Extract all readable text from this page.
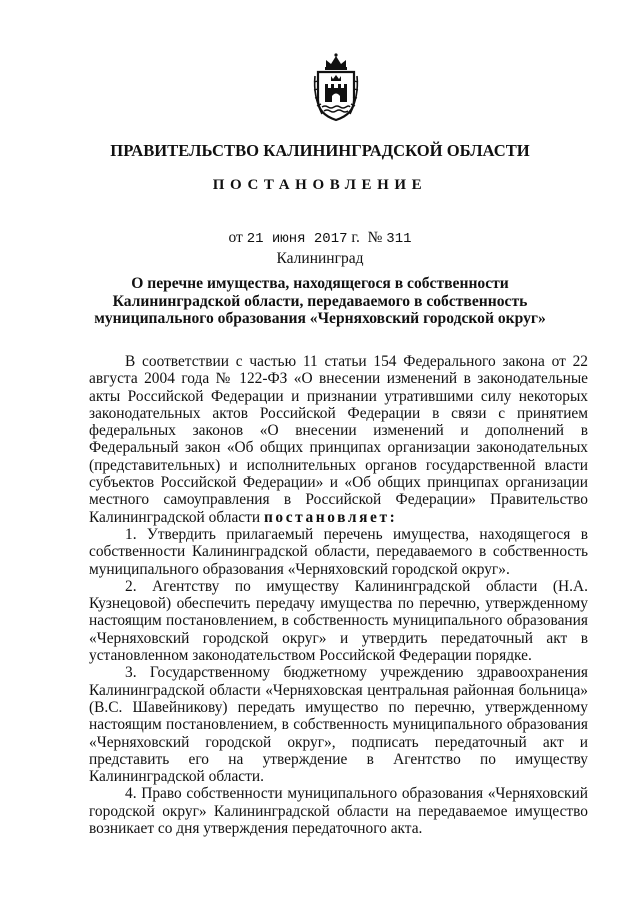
ПРАВИТЕЛЬСТВО КАЛИНИНГРАДСКОЙ ОБЛАСТИ
ПОСТАНОВЛЕНИЕ
от 21 июня 2017 г. № 311
Калининград
О перечне имущества, находящегося в собственности
Калининградской области, передаваемого в собственность
муниципального образования «Черняховский городской округ»

В соответствии с частью 11 статьи 154 Федерального закона от 22 августа 2004 года № 122-ФЗ «О внесении изменений в законодательные акты Российской Федерации и признании утратившими силу некоторых законодательных актов Российской Федерации в связи с принятием федеральных законов «О внесении изменений и дополнений в Федеральный закон «Об общих принципах организации законодательных (представительных) и исполнительных органов государственной власти субъектов Российской Федерации» и «Об общих принципах организации местного самоуправления в Российской Федерации» Правительство Калининградской области постановляет:

1. Утвердить прилагаемый перечень имущества, находящегося в собственности Калининградской области, передаваемого в собственность муниципального образования «Черняховский городской округ».

2. Агентству по имуществу Калининградской области (Н.А. Кузнецовой) обеспечить передачу имущества по перечню, утвержденному настоящим постановлением, в собственность муниципального образования «Черняховский городской округ» и утвердить передаточный акт в установленном законодательством Российской Федерации порядке.

3. Государственному бюджетному учреждению здравоохранения Калининградской области «Черняховская центральная районная больница» (В.С. Шавейникову) передать имущество по перечню, утвержденному настоящим постановлением, в собственность муниципального образования «Черняховский городской округ», подписать передаточный акт и представить его на утверждение в Агентство по имуществу Калининградской области.

4. Право собственности муниципального образования «Черняховский городской округ» Калининградской области на передаваемое имущество возникает со дня утверждения передаточного акта.
